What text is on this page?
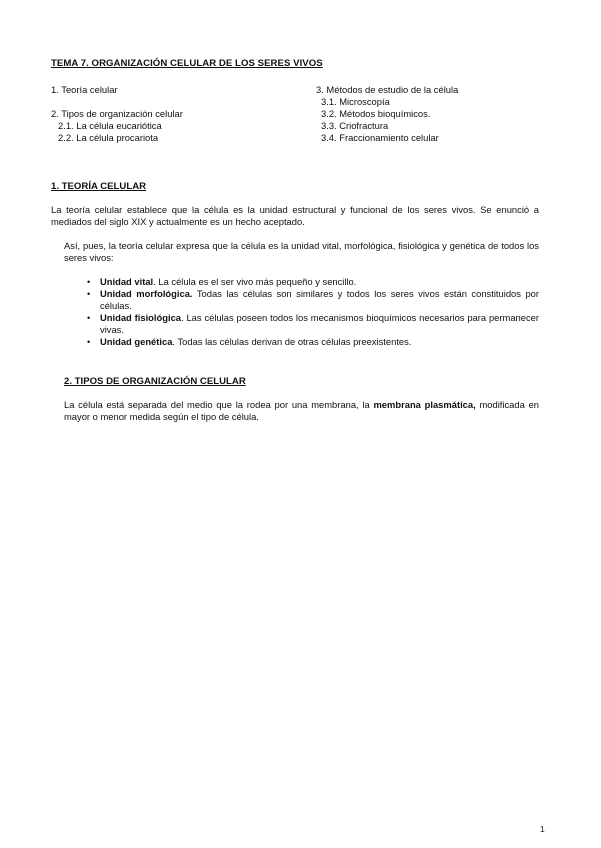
TEMA 7. ORGANIZACIÓN CELULAR DE LOS SERES VIVOS
1. Teoría celular
2. Tipos de organización celular
2.1. La célula eucariótica
2.2. La célula procariota
3. Métodos de estudio de la célula
3.1. Microscopía
3.2. Métodos bioquímicos.
3.3. Criofractura
3.4. Fraccionamiento celular
1. TEORÍA CELULAR
La teoría celular establece que la célula es la unidad estructural y funcional de los seres vivos. Se enunció a mediados del siglo XIX y actualmente es un hecho aceptado.
Así, pues, la teoría celular expresa que la célula es la unidad vital, morfológica, fisiológica y genética de todos los seres vivos:
• Unidad vital. La célula es el ser vivo más pequeño y sencillo.
• Unidad morfológica. Todas las células son similares y todos los seres vivos están constituidos por células.
• Unidad fisiológica. Las células poseen todos los mecanismos bioquímicos necesarios para permanecer vivas.
• Unidad genética. Todas las células derivan de otras células preexistentes.
2. TIPOS DE ORGANIZACIÓN CELULAR
La célula está separada del medio que la rodea por una membrana, la membrana plasmática, modificada en mayor o menor medida según el tipo de célula.
1
